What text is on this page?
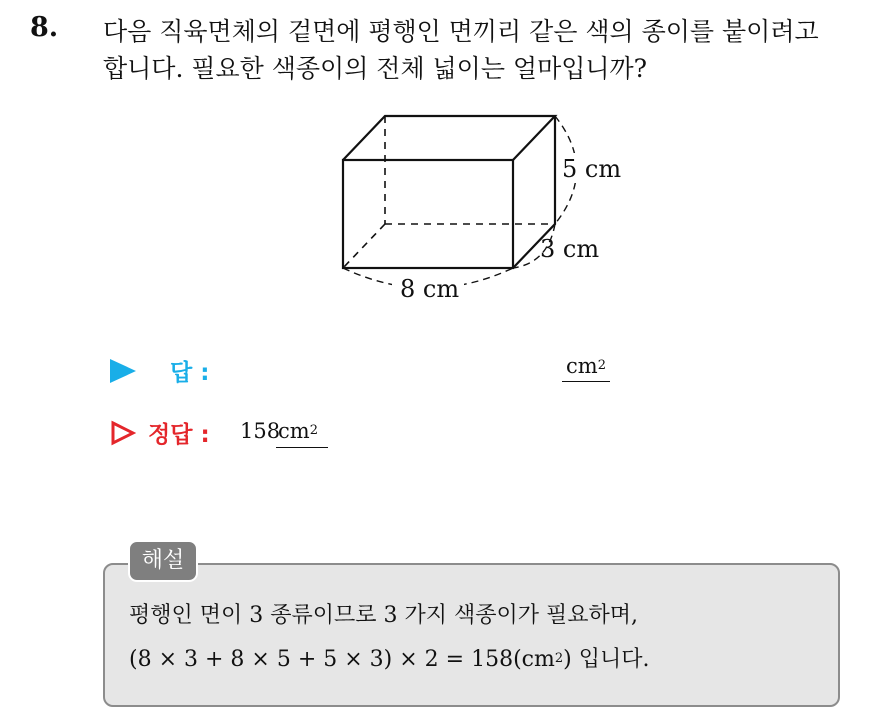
8. 다음 직육면체의 겉면에 평행인 면끼리 같은 색의 종이를 붙이려고
합니다. 필요한 색종이의 전체 넓이는 얼마입니까?
5 cm
3 cm
8 cm
답 :	$cm^2$
정답 : 158
$cm^2$
해설
평행인 면이 3 종류이므로 3 가지 색종이가 필요하며,
$(8 \times 3 + 8 \times 5 + 5 \times 3) \times 2 = 158(cm^2)$ 입니다.
